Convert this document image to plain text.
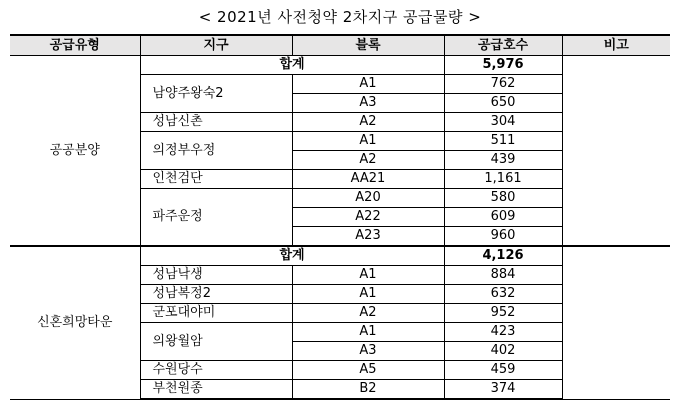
< 2021년 사전청약 2차지구 공급물량 >
공급유형	지구	블록	공급호수	비고
공공분양	합계		5,976	
	남양주왕숙2	A1	762	
		A3	650	
	성남신촌	A2	304	
	의정부우정	A1	511	
		A2	439	
	인천검단	AA21	1,161	
	파주운정	A20	580	
		A22	609	
		A23	960	
신혼희망타운	합계		4,126	
	성남낙생	A1	884	
	성남복정2	A1	632	
	군포대야미	A2	952	
	의왕월암	A1	423	
		A3	402	
	수원당수	A5	459	
	부천원종	B2	374	
